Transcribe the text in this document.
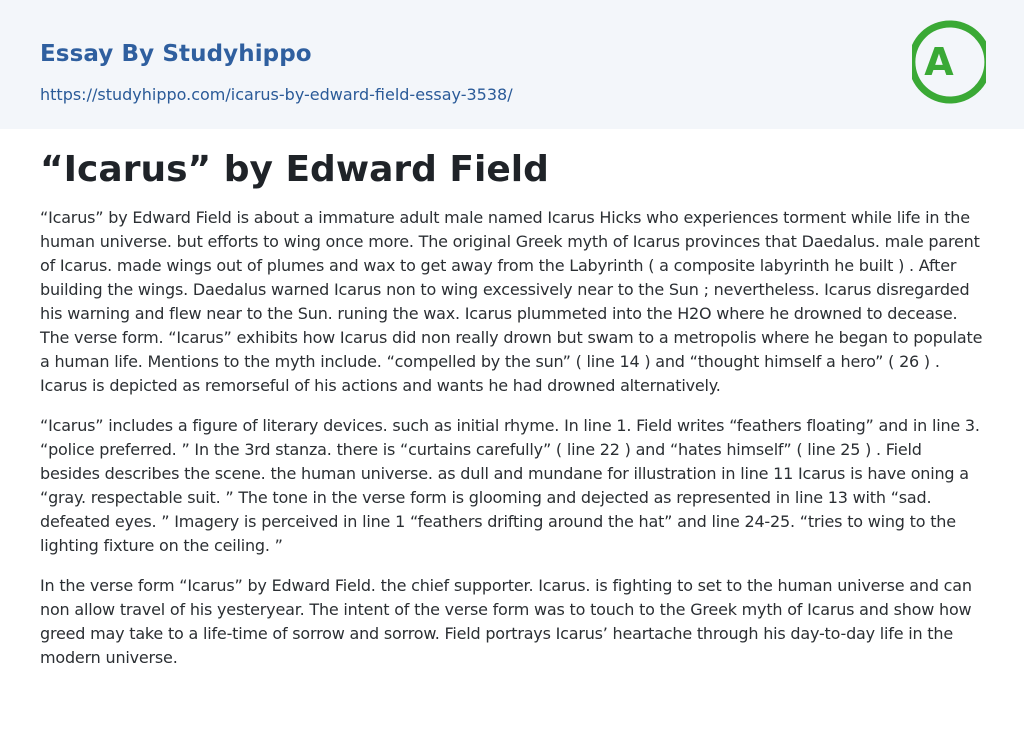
Essay By Studyhippo
https://studyhippo.com/icarus-by-edward-field-essay-3538/
A
“Icarus” by Edward Field

“Icarus” by Edward Field is about a immature adult male named Icarus Hicks who experiences torment while life in the human universe. but efforts to wing once more. The original Greek myth of Icarus provinces that Daedalus. male parent of Icarus. made wings out of plumes and wax to get away from the Labyrinth ( a composite labyrinth he built ) . After building the wings. Daedalus warned Icarus non to wing excessively near to the Sun ; nevertheless. Icarus disregarded his warning and flew near to the Sun. runing the wax. Icarus plummeted into the H2O where he drowned to decease. The verse form. “Icarus” exhibits how Icarus did non really drown but swam to a metropolis where he began to populate a human life. Mentions to the myth include. “compelled by the sun” ( line 14 ) and “thought himself a hero” ( 26 ) . Icarus is depicted as remorseful of his actions and wants he had drowned alternatively.

“Icarus” includes a figure of literary devices. such as initial rhyme. In line 1. Field writes “feathers floating” and in line 3. “police preferred. ” In the 3rd stanza. there is “curtains carefully” ( line 22 ) and “hates himself” ( line 25 ) . Field besides describes the scene. the human universe. as dull and mundane for illustration in line 11 Icarus is have oning a “gray. respectable suit. ” The tone in the verse form is glooming and dejected as represented in line 13 with “sad. defeated eyes. ” Imagery is perceived in line 1 “feathers drifting around the hat” and line 24-25. “tries to wing to the lighting fixture on the ceiling. ”

In the verse form “Icarus” by Edward Field. the chief supporter. Icarus. is fighting to set to the human universe and can non allow travel of his yesteryear. The intent of the verse form was to touch to the Greek myth of Icarus and show how greed may take to a life-time of sorrow and sorrow. Field portrays Icarus’ heartache through his day-to-day life in the modern universe.
